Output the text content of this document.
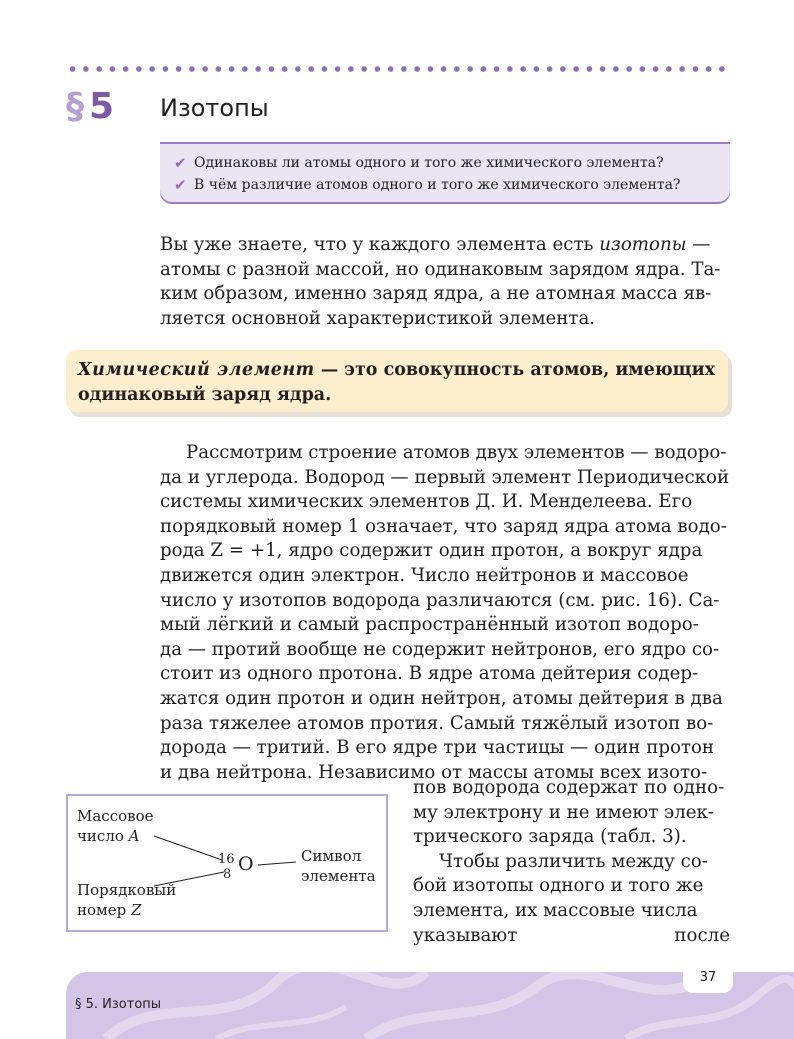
§ 5	Изотопы
✔ Одинаковы ли атомы одного и того же химического элемента?
✔ В чём различие атомов одного и того же химического элемента?
Вы уже знаете, что у каждого элемента есть изотопы —
атомы с разной массой, но одинаковым зарядом ядра. Та-
ким образом, именно заряд ядра, а не атомная масса яв-
ляется основной характеристикой элемента.
Химический элемент — это совокупность атомов, имеющих
одинаковый заряд ядра.
Рассмотрим строение атомов двух элементов — водоро-
да и углерода. Водород — первый элемент Периодической
системы химических элементов Д. И. Менделеева. Его
порядковый номер 1 означает, что заряд ядра атома водо-
рода Z = +1, ядро содержит один протон, а вокруг ядра
движется один электрон. Число нейтронов и массовое
число у изотопов водорода различаются (см. рис. 16). Са-
мый лёгкий и самый распространённый изотоп водоро-
да — протий вообще не содержит нейтронов, его ядро со-
стоит из одного протона. В ядре атома дейтерия содер-
жатся один протон и один нейтрон, атомы дейтерия в два
раза тяжелее атомов протия. Самый тяжёлый изотоп во-
дорода — тритий. В его ядре три частицы — один протон
и два нейтрона. Независимо от массы атомы всех изото-
пов водорода содержат по одно-
му электрону и не имеют элек-
трического заряда (табл. 3).
Чтобы различить между со-
бой изотопы одного и того же
элемента, их массовые числа
указывают после
Массовое
число A
Порядковый
номер Z
Символ
элемента
16
8 O
37
§ 5. Изотопы
